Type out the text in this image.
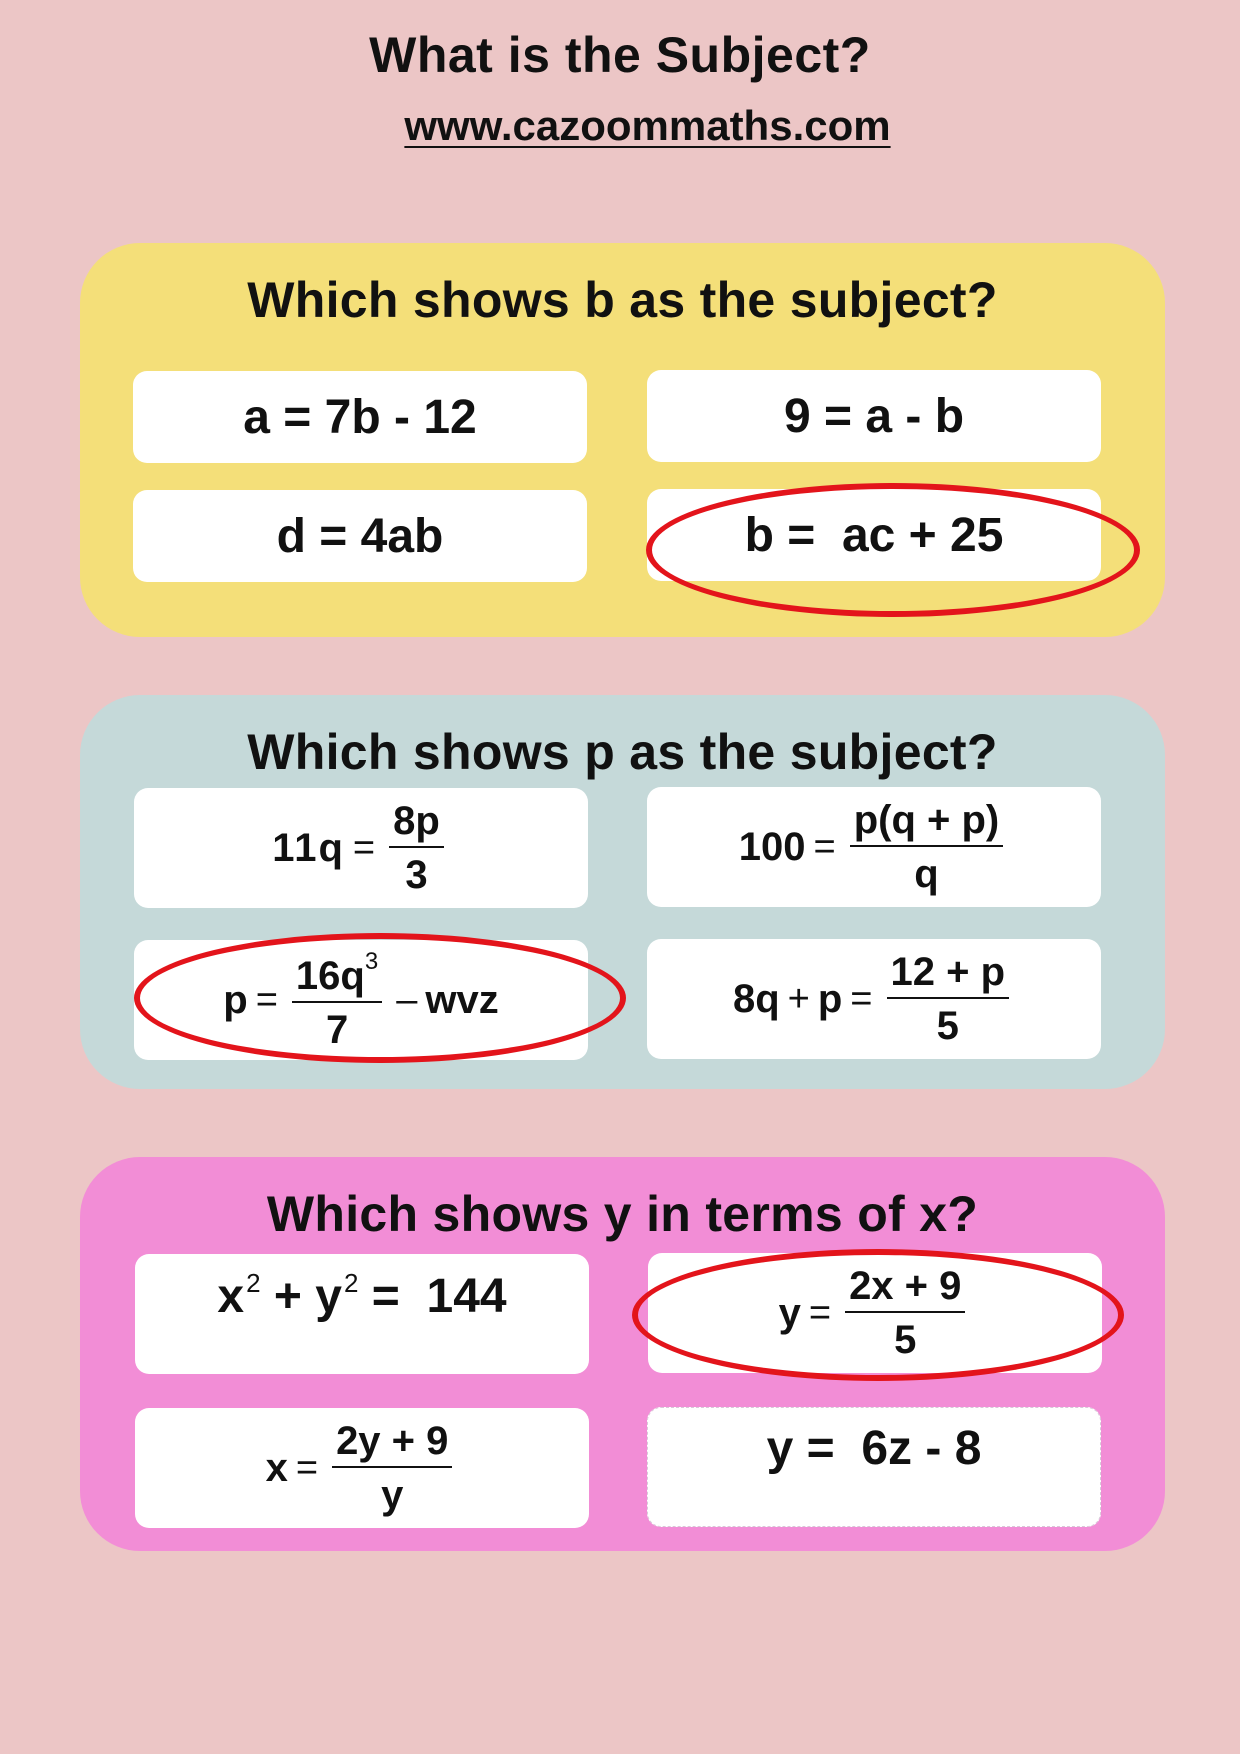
What is the Subject?
www.cazoommaths.com
Which shows b as the subject?
a = 7b - 12	9 = a - b
d = 4ab	b =  ac + 25
Which shows p as the subject?
$11q = \frac{8p}{3}$	$100 = \frac{p(q + p)}{q}$
$p = \frac{16q^3}{7}$ – wvz	$8q + p = \frac{12 + p}{5}$
Which shows y in terms of x?
$x^2 + y^2 = 144$	$y = \frac{2x + 9}{5}$
$x = \frac{2y + 9}{y}$	y =  6z - 8
